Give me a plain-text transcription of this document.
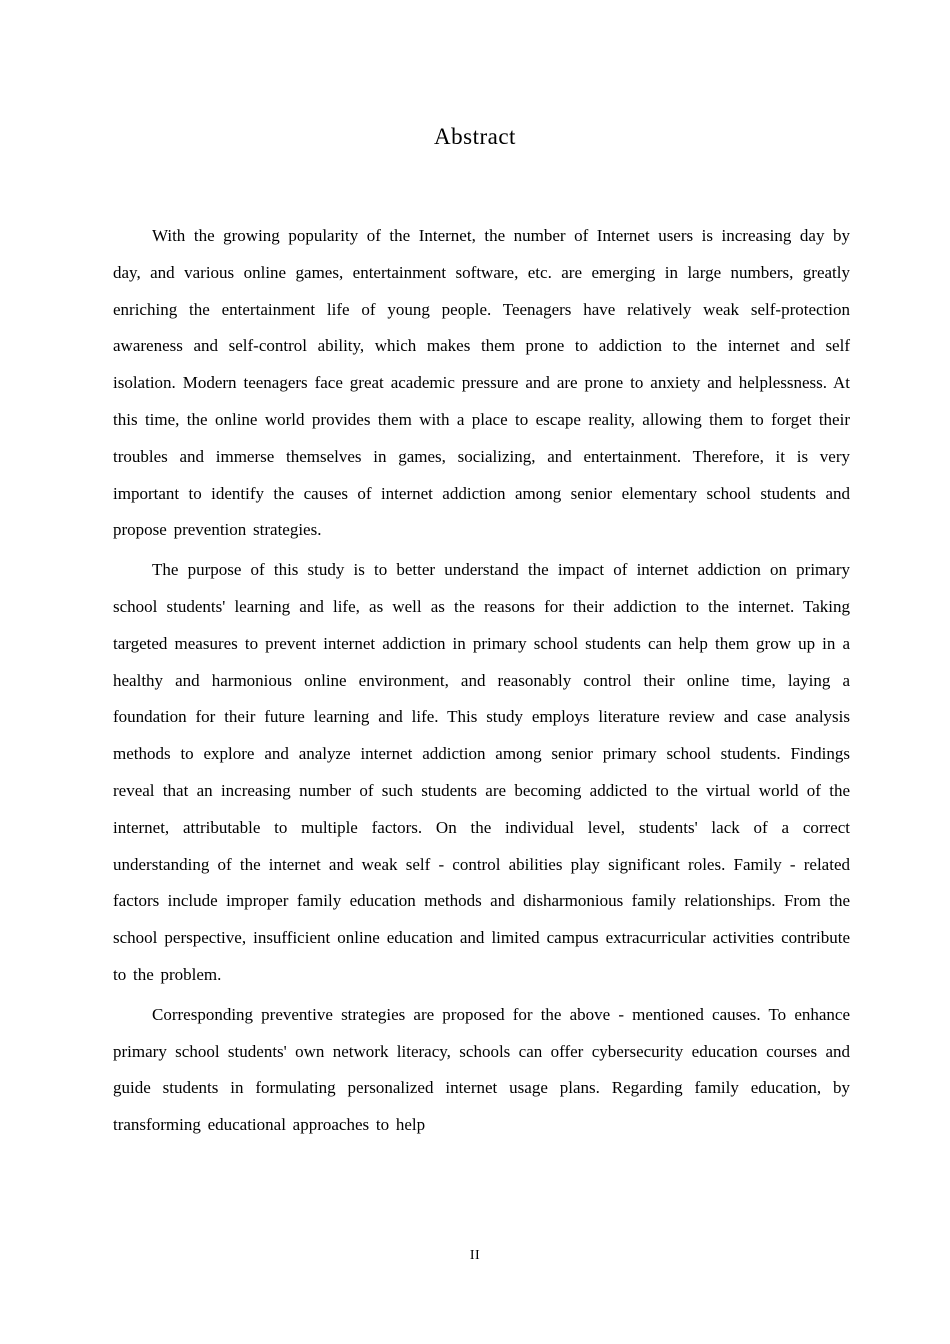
Abstract

With the growing popularity of the Internet, the number of Internet users is increasing day by day, and various online games, entertainment software, etc. are emerging in large numbers, greatly enriching the entertainment life of young people. Teenagers have relatively weak self-protection awareness and self-control ability, which makes them prone to addiction to the internet and self isolation. Modern teenagers face great academic pressure and are prone to anxiety and helplessness. At this time, the online world provides them with a place to escape reality, allowing them to forget their troubles and immerse themselves in games, socializing, and entertainment. Therefore, it is very important to identify the causes of internet addiction among senior elementary school students and propose prevention strategies.

The purpose of this study is to better understand the impact of internet addiction on primary school students' learning and life, as well as the reasons for their addiction to the internet. Taking targeted measures to prevent internet addiction in primary school students can help them grow up in a healthy and harmonious online environment, and reasonably control their online time, laying a foundation for their future learning and life. This study employs literature review and case analysis methods to explore and analyze internet addiction among senior primary school students. Findings reveal that an increasing number of such students are becoming addicted to the virtual world of the internet, attributable to multiple factors. On the individual level, students' lack of a correct understanding of the internet and weak self - control abilities play significant roles. Family - related factors include improper family education methods and disharmonious family relationships. From the school perspective, insufficient online education and limited campus extracurricular activities contribute to the problem.

Corresponding preventive strategies are proposed for the above - mentioned causes. To enhance primary school students' own network literacy, schools can offer cybersecurity education courses and guide students in formulating personalized internet usage plans. Regarding family education, by transforming educational approaches to help

II
